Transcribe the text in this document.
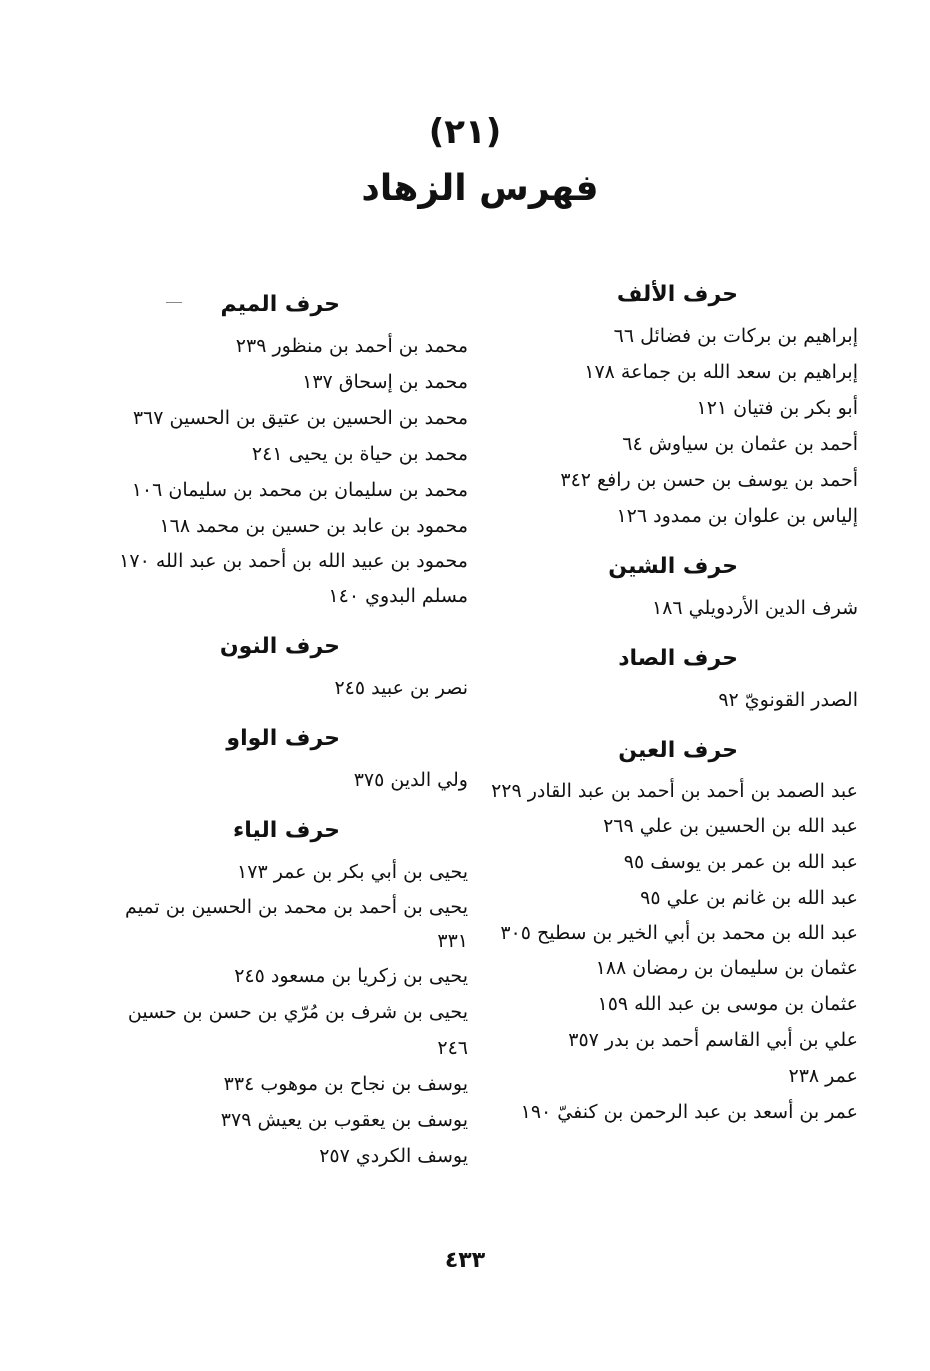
(٢١)
فهرس الزهاد
حرف الألف

إبراهيم بن بركات بن فضائل ٦٦

إبراهيم بن سعد الله بن جماعة ١٧٨

أبو بكر بن فتيان ١٢١

أحمد بن عثمان بن سياوش ٦٤

أحمد بن يوسف بن حسن بن رافع ٣٤٢

إلياس بن علوان بن ممدود ١٢٦

حرف الشين

شرف الدين الأردويلي ١٨٦

حرف الصاد

الصدر القونويّ ٩٢

حرف العين

عبد الصمد بن أحمد بن أحمد بن عبد القادر ٢٢٩

عبد الله بن الحسين بن علي ٢٦٩

عبد الله بن عمر بن يوسف ٩٥

عبد الله بن غانم بن علي ٩٥

عبد الله بن محمد بن أبي الخير بن سطيح ٣٠٥

عثمان بن سليمان بن رمضان ١٨٨

عثمان بن موسى بن عبد الله ١٥٩

علي بن أبي القاسم أحمد بن بدر ٣٥٧

عمر ٢٣٨

عمر بن أسعد بن عبد الرحمن بن كنفيّ ١٩٠

حرف الميم

محمد بن أحمد بن منظور ٢٣٩

محمد بن إسحاق ١٣٧

محمد بن الحسين بن عتيق بن الحسين ٣٦٧

محمد بن حياة بن يحيى ٢٤١

محمد بن سليمان بن محمد بن سليمان ١٠٦

محمود بن عابد بن حسين بن محمد ١٦٨

محمود بن عبيد الله بن أحمد بن عبد الله ١٧٠

مسلم البدوي ١٤٠

حرف النون

نصر بن عبيد ٢٤٥

حرف الواو

ولي الدين ٣٧٥

حرف الياء

يحيى بن أبي بكر بن عمر ١٧٣

يحيى بن أحمد بن محمد بن الحسين بن تميم ٣٣١

يحيى بن زكريا بن مسعود ٢٤٥

يحيى بن شرف بن مُرّي بن حسن بن حسين ٢٤٦

يوسف بن نجاح بن موهوب ٣٣٤

يوسف بن يعقوب بن يعيش ٣٧٩

يوسف الكردي ٢٥٧

٤٣٣
